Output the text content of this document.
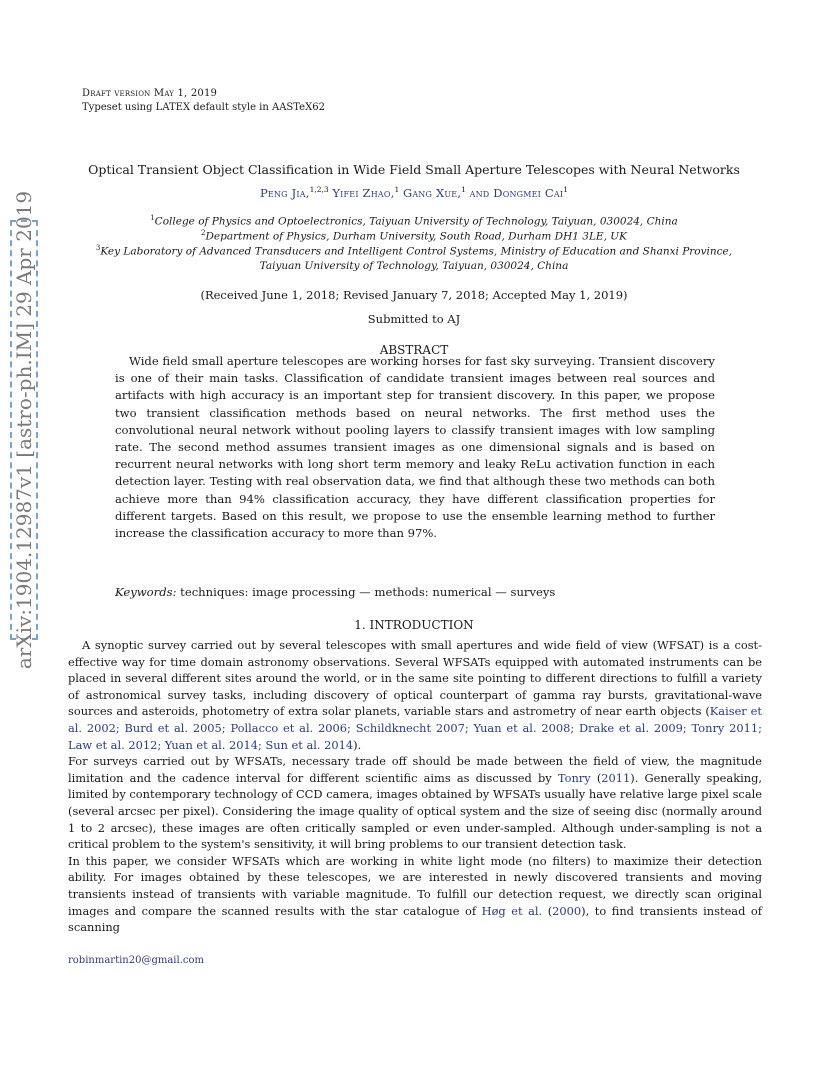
Draft version May 1, 2019
Typeset using LATEX default style in AASTeX62
arXiv:1904.12987v1 [astro-ph.IM] 29 Apr 2019
Optical Transient Object Classification in Wide Field Small Aperture Telescopes with Neural Networks
Peng Jia,$^{1,2,3}$ Yifei Zhao,$^1$ Gang Xue,$^1$ and Dongmei Cai$^1$
$^1$College of Physics and Optoelectronics, Taiyuan University of Technology, Taiyuan, 030024, China
$^2$Department of Physics, Durham University, South Road, Durham DH1 3LE, UK
$^3$Key Laboratory of Advanced Transducers and Intelligent Control Systems, Ministry of Education and Shanxi Province, Taiyuan University of Technology, Taiyuan, 030024, China
(Received June 1, 2018; Revised January 7, 2018; Accepted May 1, 2019)
Submitted to AJ
ABSTRACT

Wide field small aperture telescopes are working horses for fast sky surveying. Transient discovery is one of their main tasks. Classification of candidate transient images between real sources and artifacts with high accuracy is an important step for transient discovery. In this paper, we propose two transient classification methods based on neural networks. The first method uses the convolutional neural network without pooling layers to classify transient images with low sampling rate. The second method assumes transient images as one dimensional signals and is based on recurrent neural networks with long short term memory and leaky ReLu activation function in each detection layer. Testing with real observation data, we find that although these two methods can both achieve more than 94% classification accuracy, they have different classification properties for different targets. Based on this result, we propose to use the ensemble learning method to further increase the classification accuracy to more than 97%.

Keywords: techniques: image processing — methods: numerical — surveys
1. INTRODUCTION

A synoptic survey carried out by several telescopes with small apertures and wide field of view (WFSAT) is a cost-effective way for time domain astronomy observations. Several WFSATs equipped with automated instruments can be placed in several different sites around the world, or in the same site pointing to different directions to fulfill a variety of astronomical survey tasks, including discovery of optical counterpart of gamma ray bursts, gravitational-wave sources and asteroids, photometry of extra solar planets, variable stars and astrometry of near earth objects (Kaiser et al. 2002; Burd et al. 2005; Pollacco et al. 2006; Schildknecht 2007; Yuan et al. 2008; Drake et al. 2009; Tonry 2011; Law et al. 2012; Yuan et al. 2014; Sun et al. 2014).

For surveys carried out by WFSATs, necessary trade off should be made between the field of view, the magnitude limitation and the cadence interval for different scientific aims as discussed by Tonry (2011). Generally speaking, limited by contemporary technology of CCD camera, images obtained by WFSATs usually have relative large pixel scale (several arcsec per pixel). Considering the image quality of optical system and the size of seeing disc (normally around 1 to 2 arcsec), these images are often critically sampled or even under-sampled. Although under-sampling is not a critical problem to the system's sensitivity, it will bring problems to our transient detection task.

In this paper, we consider WFSATs which are working in white light mode (no filters) to maximize their detection ability. For images obtained by these telescopes, we are interested in newly discovered transients and moving transients instead of transients with variable magnitude. To fulfill our detection request, we directly scan original images and compare the scanned results with the star catalogue of Høg et al. (2000), to find transients instead of scanning

robinmartin20@gmail.com
